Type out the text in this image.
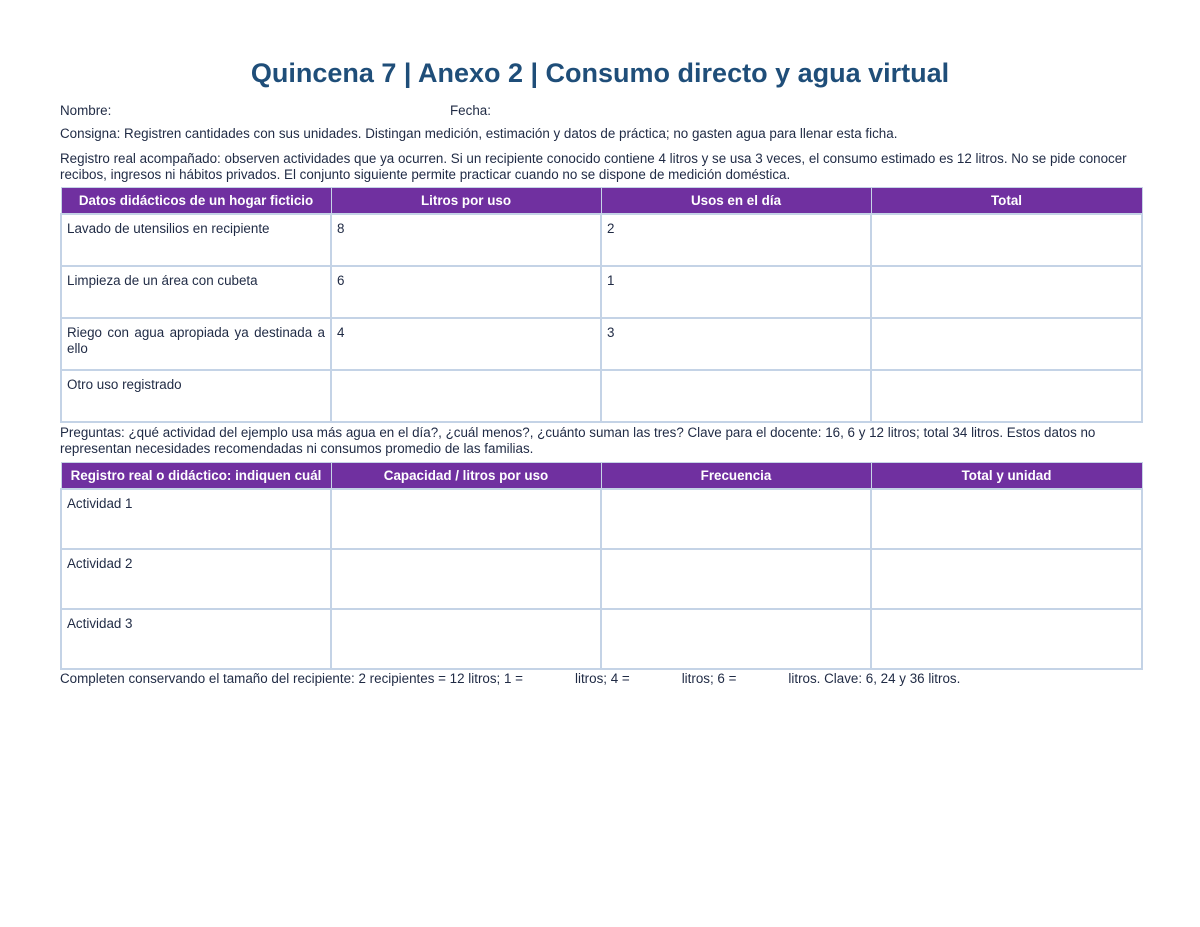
Quincena 7 | Anexo 2 | Consumo directo y agua virtual
Nombre:	Fecha:
Consigna: Registren cantidades con sus unidades. Distingan medición, estimación y datos de práctica; no gasten agua para llenar esta ficha.
Registro real acompañado: observen actividades que ya ocurren. Si un recipiente conocido contiene 4 litros y se usa 3 veces, el consumo estimado es 12 litros. No se pide conocer
recibos, ingresos ni hábitos privados. El conjunto siguiente permite practicar cuando no se dispone de medición doméstica.
Datos didácticos de un hogar ficticio	Litros por uso	Usos en el día	Total
Lavado de utensilios en recipiente	8	2	
Limpieza de un área con cubeta	6	1	
Riego con agua apropiada ya destinada a ello	4	3	
Otro uso registrado			
Preguntas: ¿qué actividad del ejemplo usa más agua en el día?, ¿cuál menos?, ¿cuánto suman las tres? Clave para el docente: 16, 6 y 12 litros; total 34 litros. Estos datos no
representan necesidades recomendadas ni consumos promedio de las familias.
Registro real o didáctico: indiquen cuál	Capacidad / litros por uso	Frecuencia	Total y unidad
Actividad 1			
Actividad 2			
Actividad 3			
Completen conservando el tamaño del recipiente: 2 recipientes = 12 litros; 1 =	litros; 4 =	litros; 6 =	litros. Clave: 6, 24 y 36 litros.
